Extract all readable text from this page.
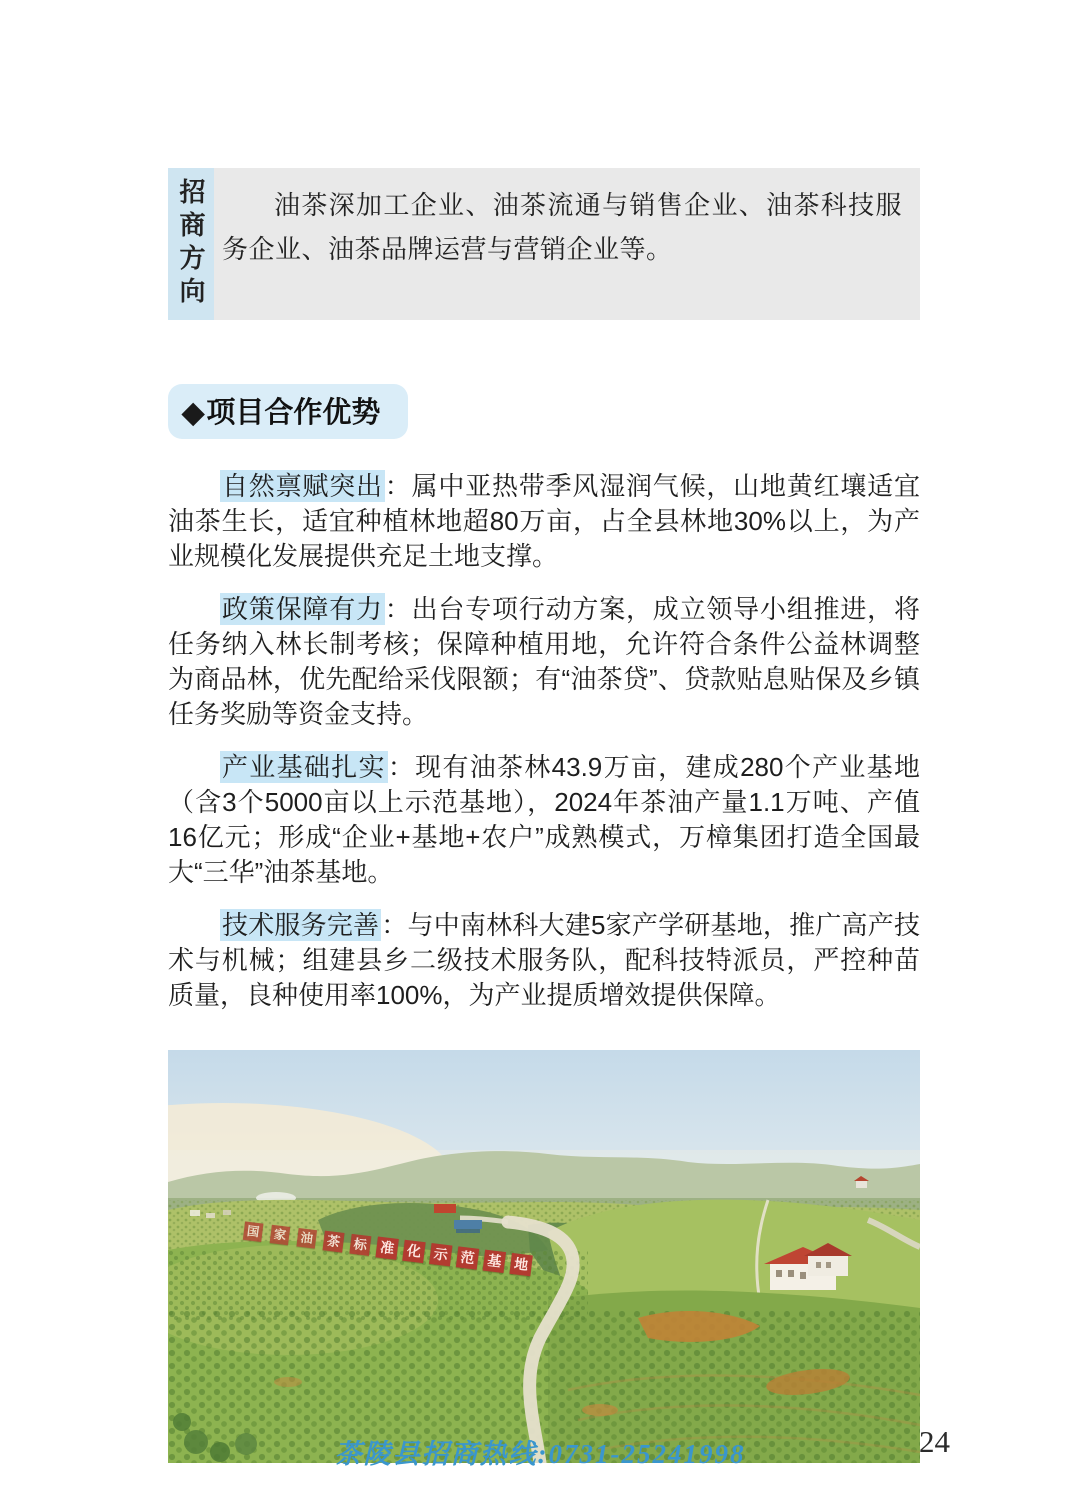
招商方向	油茶深加工企业、油茶流通与销售企业、油茶科技服务企业、油茶品牌运营与营销企业等。
◆项目合作优势

自然禀赋突出：属中亚热带季风湿润气候，山地黄红壤适宜油茶生长，适宜种植林地超80万亩，占全县林地30%以上，为产业规模化发展提供充足土地支撑。

政策保障有力：出台专项行动方案，成立领导小组推进，将任务纳入林长制考核；保障种植用地，允许符合条件公益林调整为商品林，优先配给采伐限额；有“油茶贷”、贷款贴息贴保及乡镇任务奖励等资金支持。

产业基础扎实：现有油茶林43.9万亩，建成280个产业基地（含3个5000亩以上示范基地），2024年茶油产量1.1万吨、产值16亿元；形成“企业+基地+农户”成熟模式，万樟集团打造全国最大“三华”油茶基地。

技术服务完善：与中南林科大建5家产学研基地，推广高产技术与机械；组建县乡二级技术服务队，配科技特派员，严控种苗质量，良种使用率100%，为产业提质增效提供保障。

国 家 油 茶 标 准 化 示 范 基 地
茶陵县招商热线:0731-25241998	24
